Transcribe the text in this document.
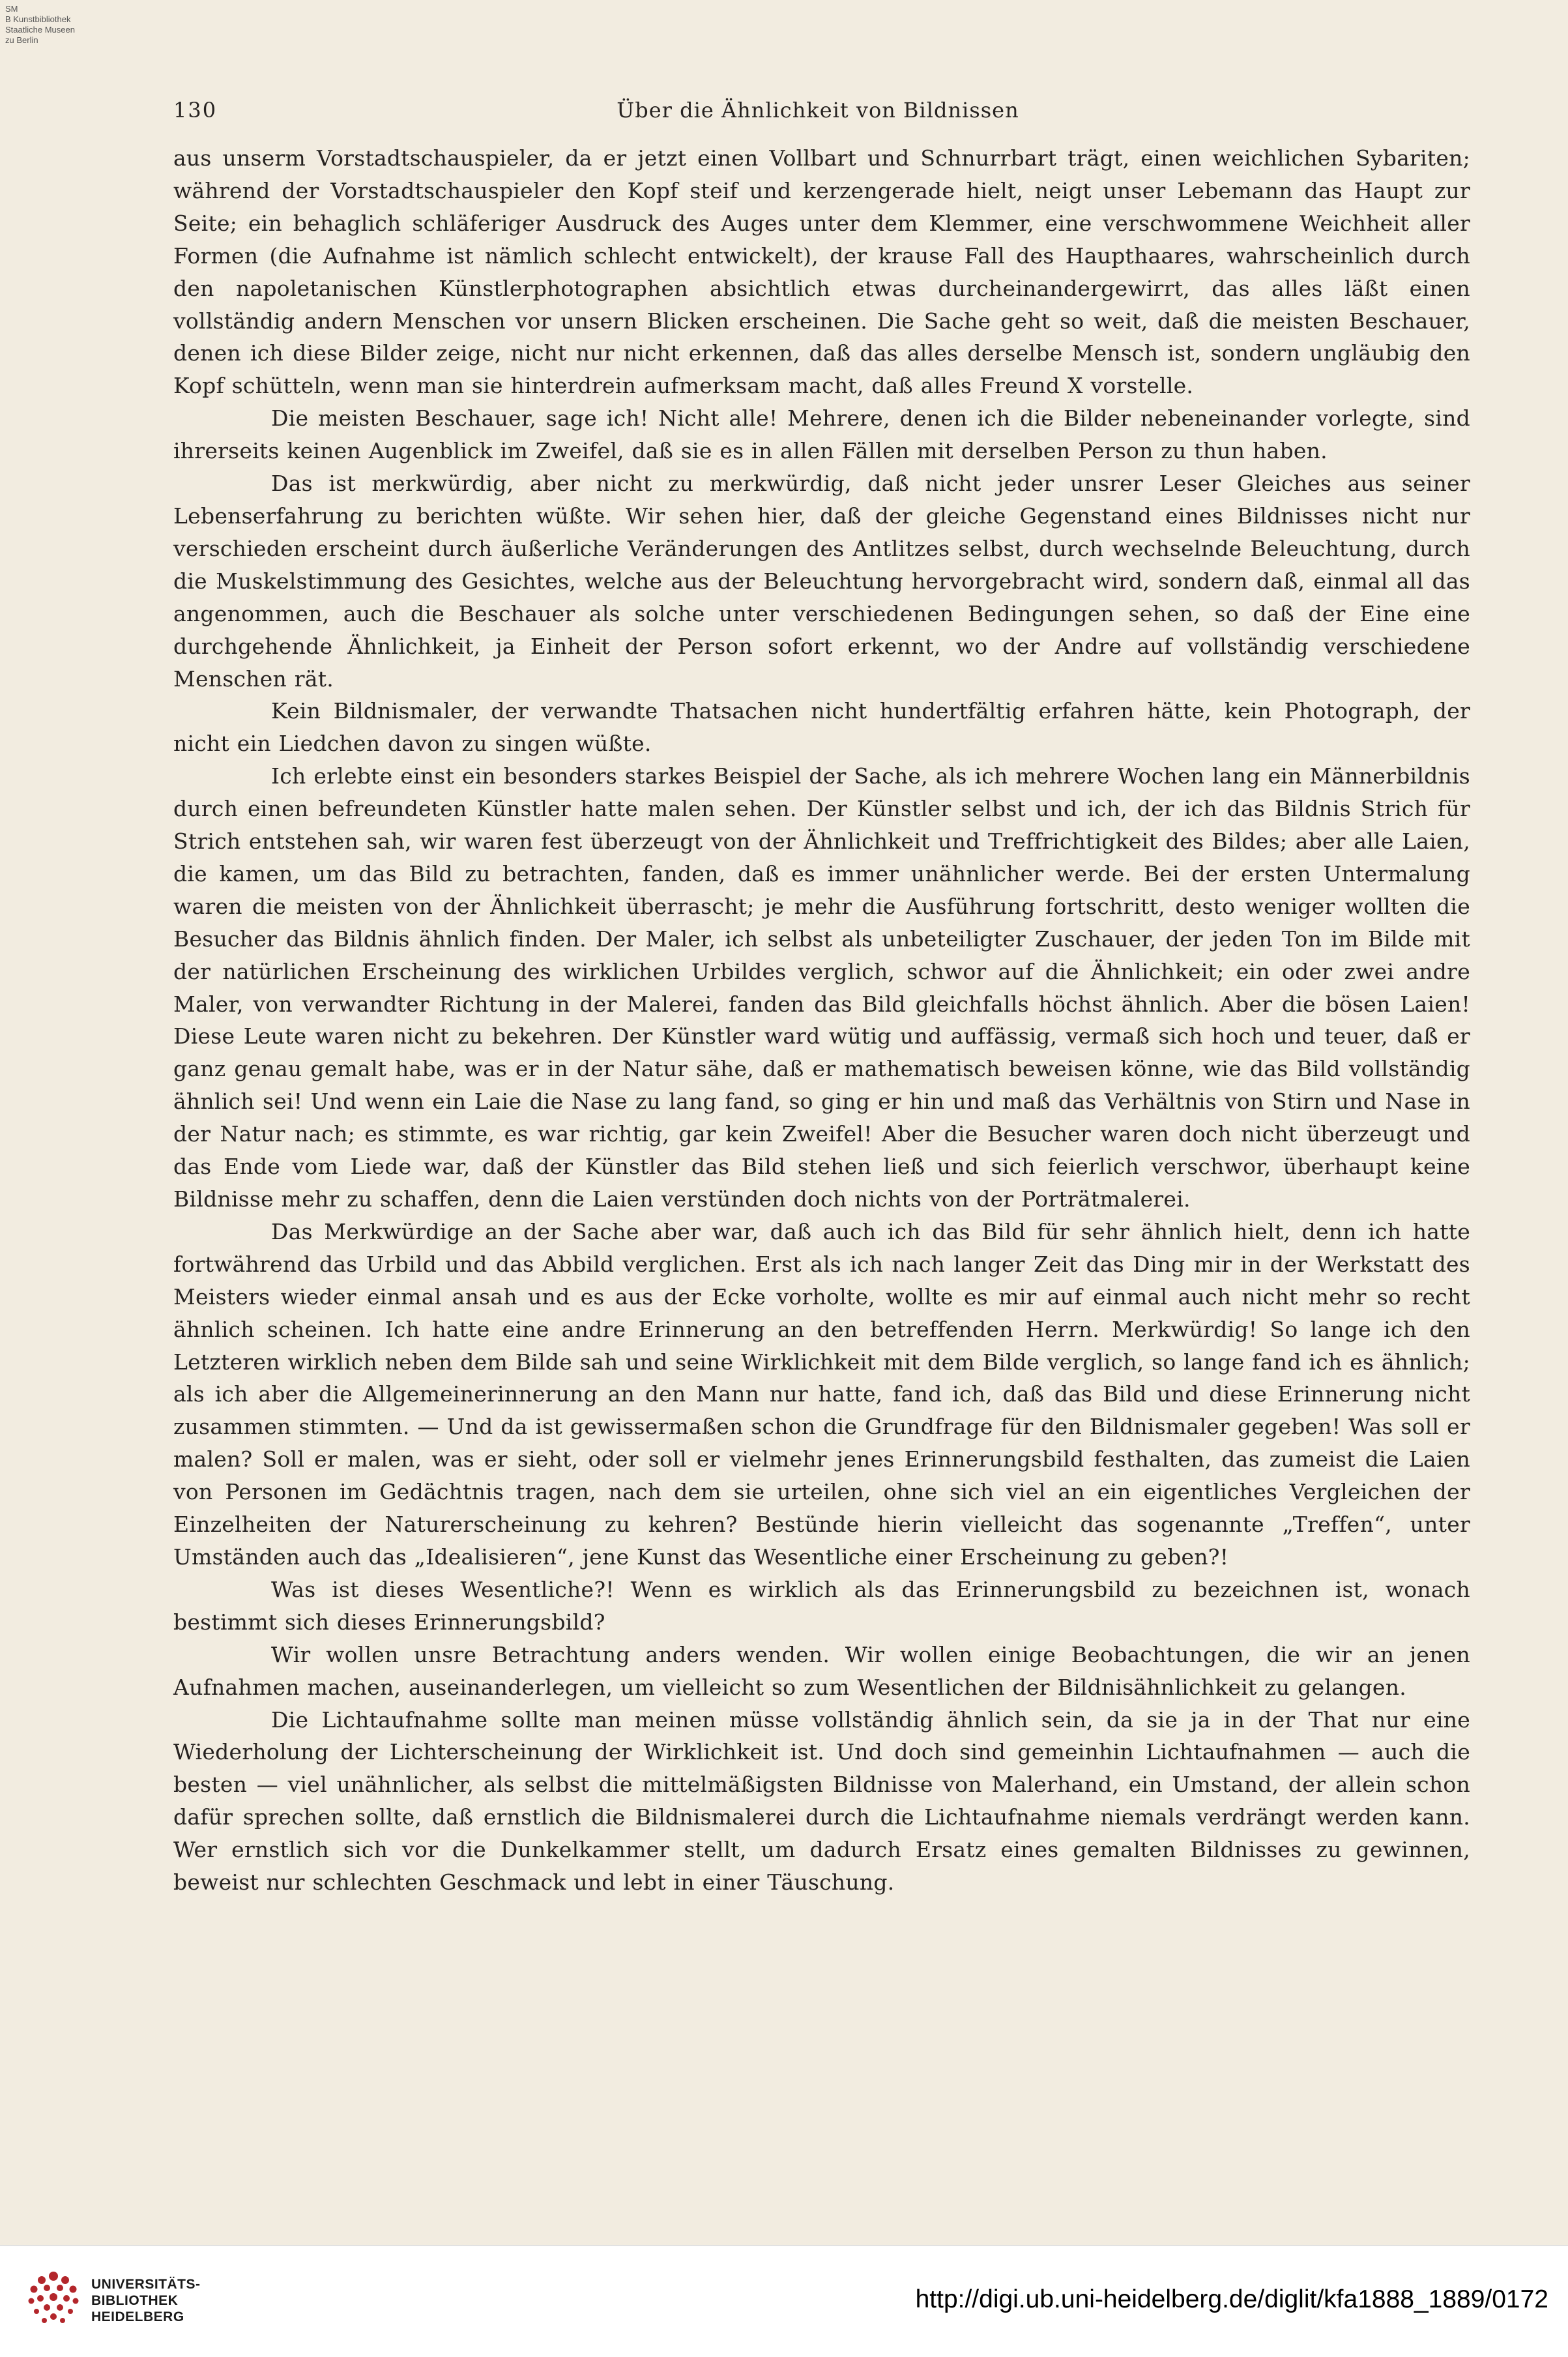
SM
B Kunstbibliothek
Staatliche Museen
zu Berlin
130	Über die Ähnlichkeit von Bildnissen

aus unserm Vorstadtschauspieler, da er jetzt einen Vollbart und Schnurrbart trägt, einen weichlichen Sybariten; während der Vorstadtschauspieler den Kopf steif und kerzengerade hielt, neigt unser Lebemann das Haupt zur Seite; ein behaglich schläferiger Ausdruck des Auges unter dem Klemmer, eine verschwommene Weichheit aller Formen (die Aufnahme ist nämlich schlecht entwickelt), der krause Fall des Haupthaares, wahrscheinlich durch den napoletanischen Künstlerphotographen absichtlich etwas durcheinandergewirrt, das alles läßt einen vollständig andern Menschen vor unsern Blicken erscheinen. Die Sache geht so weit, daß die meisten Beschauer, denen ich diese Bilder zeige, nicht nur nicht erkennen, daß das alles derselbe Mensch ist, sondern ungläubig den Kopf schütteln, wenn man sie hinterdrein aufmerksam macht, daß alles Freund X vorstelle.

Die meisten Beschauer, sage ich! Nicht alle! Mehrere, denen ich die Bilder nebeneinander vorlegte, sind ihrerseits keinen Augenblick im Zweifel, daß sie es in allen Fällen mit derselben Person zu thun haben.

Das ist merkwürdig, aber nicht zu merkwürdig, daß nicht jeder unsrer Leser Gleiches aus seiner Lebenserfahrung zu berichten wüßte. Wir sehen hier, daß der gleiche Gegenstand eines Bildnisses nicht nur verschieden erscheint durch äußerliche Veränderungen des Antlitzes selbst, durch wechselnde Beleuchtung, durch die Muskelstimmung des Gesichtes, welche aus der Beleuchtung hervorgebracht wird, sondern daß, einmal all das angenommen, auch die Beschauer als solche unter verschiedenen Bedingungen sehen, so daß der Eine eine durchgehende Ähnlichkeit, ja Einheit der Person sofort erkennt, wo der Andre auf vollständig verschiedene Menschen rät.

Kein Bildnismaler, der verwandte Thatsachen nicht hundertfältig erfahren hätte, kein Photograph, der nicht ein Liedchen davon zu singen wüßte.

Ich erlebte einst ein besonders starkes Beispiel der Sache, als ich mehrere Wochen lang ein Männerbildnis durch einen befreundeten Künstler hatte malen sehen. Der Künstler selbst und ich, der ich das Bildnis Strich für Strich entstehen sah, wir waren fest überzeugt von der Ähnlichkeit und Treffrichtigkeit des Bildes; aber alle Laien, die kamen, um das Bild zu betrachten, fanden, daß es immer unähnlicher werde. Bei der ersten Untermalung waren die meisten von der Ähnlichkeit überrascht; je mehr die Ausführung fortschritt, desto weniger wollten die Besucher das Bildnis ähnlich finden. Der Maler, ich selbst als unbeteiligter Zuschauer, der jeden Ton im Bilde mit der natürlichen Erscheinung des wirklichen Urbildes verglich, schwor auf die Ähnlichkeit; ein oder zwei andre Maler, von verwandter Richtung in der Malerei, fanden das Bild gleichfalls höchst ähnlich. Aber die bösen Laien! Diese Leute waren nicht zu bekehren. Der Künstler ward wütig und auffässig, vermaß sich hoch und teuer, daß er ganz genau gemalt habe, was er in der Natur sähe, daß er mathematisch beweisen könne, wie das Bild vollständig ähnlich sei! Und wenn ein Laie die Nase zu lang fand, so ging er hin und maß das Verhältnis von Stirn und Nase in der Natur nach; es stimmte, es war richtig, gar kein Zweifel! Aber die Besucher waren doch nicht überzeugt und das Ende vom Liede war, daß der Künstler das Bild stehen ließ und sich feierlich verschwor, überhaupt keine Bildnisse mehr zu schaffen, denn die Laien verstünden doch nichts von der Porträtmalerei.

Das Merkwürdige an der Sache aber war, daß auch ich das Bild für sehr ähnlich hielt, denn ich hatte fortwährend das Urbild und das Abbild verglichen. Erst als ich nach langer Zeit das Ding mir in der Werkstatt des Meisters wieder einmal ansah und es aus der Ecke vorholte, wollte es mir auf einmal auch nicht mehr so recht ähnlich scheinen. Ich hatte eine andre Erinnerung an den betreffenden Herrn. Merkwürdig! So lange ich den Letzteren wirklich neben dem Bilde sah und seine Wirklichkeit mit dem Bilde verglich, so lange fand ich es ähnlich; als ich aber die Allgemeinerinnerung an den Mann nur hatte, fand ich, daß das Bild und diese Erinnerung nicht zusammen stimmten. — Und da ist gewissermaßen schon die Grundfrage für den Bildnismaler gegeben! Was soll er malen? Soll er malen, was er sieht, oder soll er vielmehr jenes Erinnerungsbild festhalten, das zumeist die Laien von Personen im Gedächtnis tragen, nach dem sie urteilen, ohne sich viel an ein eigentliches Vergleichen der Einzelheiten der Naturerscheinung zu kehren? Bestünde hierin vielleicht das sogenannte „Treffen“, unter Umständen auch das „Idealisieren“, jene Kunst das Wesentliche einer Erscheinung zu geben?!

Was ist dieses Wesentliche?! Wenn es wirklich als das Erinnerungsbild zu bezeichnen ist, wonach bestimmt sich dieses Erinnerungsbild?

Wir wollen unsre Betrachtung anders wenden. Wir wollen einige Beobachtungen, die wir an jenen Aufnahmen machen, auseinanderlegen, um vielleicht so zum Wesentlichen der Bildnisähnlichkeit zu gelangen.

Die Lichtaufnahme sollte man meinen müsse vollständig ähnlich sein, da sie ja in der That nur eine Wiederholung der Lichterscheinung der Wirklichkeit ist. Und doch sind gemeinhin Lichtaufnahmen — auch die besten — viel unähnlicher, als selbst die mittelmäßigsten Bildnisse von Malerhand, ein Umstand, der allein schon dafür sprechen sollte, daß ernstlich die Bildnismalerei durch die Lichtaufnahme niemals verdrängt werden kann. Wer ernstlich sich vor die Dunkelkammer stellt, um dadurch Ersatz eines gemalten Bildnisses zu gewinnen, beweist nur schlechten Geschmack und lebt in einer Täuschung.

UNIVERSITÄTS-
BIBLIOTHEK
HEIDELBERG
http://digi.ub.uni-heidelberg.de/diglit/kfa1888_1889/0172
